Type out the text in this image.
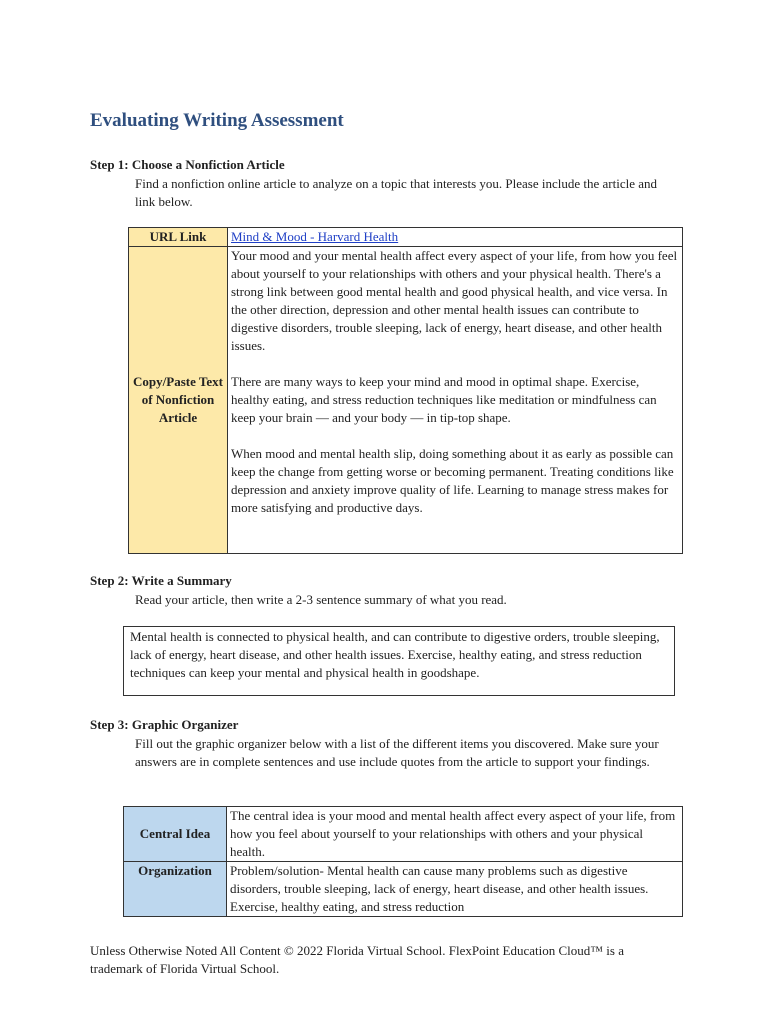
Evaluating Writing Assessment
Step 1: Choose a Nonfiction Article
Find a nonfiction online article to analyze on a topic that interests you. Please include the article and link below.
URL Link	Mind & Mood - Harvard Health
Copy/Paste Text of Nonfiction Article	Your mood and your mental health affect every aspect of your life, from how you feel about yourself to your relationships with others and your physical health. There's a strong link between good mental health and good physical health, and vice versa. In the other direction, depression and other mental health issues can contribute to digestive disorders, trouble sleeping, lack of energy, heart disease, and other health issues.

There are many ways to keep your mind and mood in optimal shape. Exercise, healthy eating, and stress reduction techniques like meditation or mindfulness can keep your brain — and your body — in tip-top shape.

When mood and mental health slip, doing something about it as early as possible can keep the change from getting worse or becoming permanent. Treating conditions like depression and anxiety improve quality of life. Learning to manage stress makes for more satisfying and productive days.

Step 2: Write a Summary
Read your article, then write a 2-3 sentence summary of what you read.
Mental health is connected to physical health, and can contribute to digestive orders, trouble sleeping, lack of energy, heart disease, and other health issues. Exercise, healthy eating, and stress reduction techniques can keep your mental and physical health in goodshape.
Step 3: Graphic Organizer
Fill out the graphic organizer below with a list of the different items you discovered. Make sure your answers are in complete sentences and use include quotes from the article to support your findings.
Central Idea	The central idea is your mood and mental health affect every aspect of your life, from how you feel about yourself to your relationships with others and your physical health.
Organization	Problem/solution- Mental health can cause many problems such as digestive disorders, trouble sleeping, lack of energy, heart disease, and other health issues. Exercise, healthy eating, and stress reduction
Unless Otherwise Noted All Content © 2022 Florida Virtual School. FlexPoint Education Cloud™ is a trademark of Florida Virtual School.
